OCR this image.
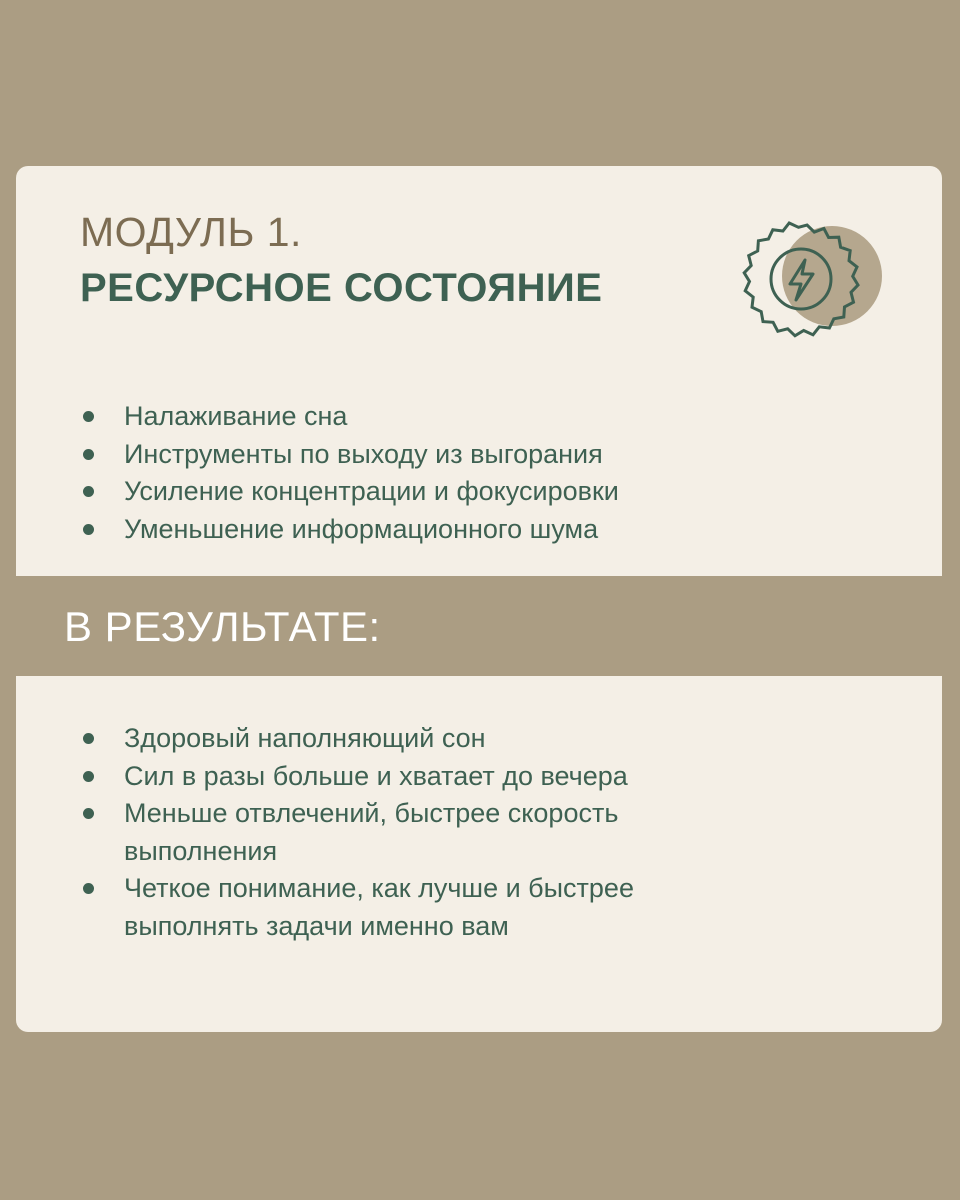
МОДУЛЬ 1.
РЕСУРСНОЕ СОСТОЯНИЕ
Налаживание сна
Инструменты по выходу из выгорания
Усиление концентрации и фокусировки
Уменьшение информационного шума
В РЕЗУЛЬТАТЕ:
Здоровый наполняющий сон
Сил в разы больше и хватает до вечера
Меньше отвлечений, быстрее скорость выполнения
Четкое понимание, как лучше и быстрее выполнять задачи именно вам
